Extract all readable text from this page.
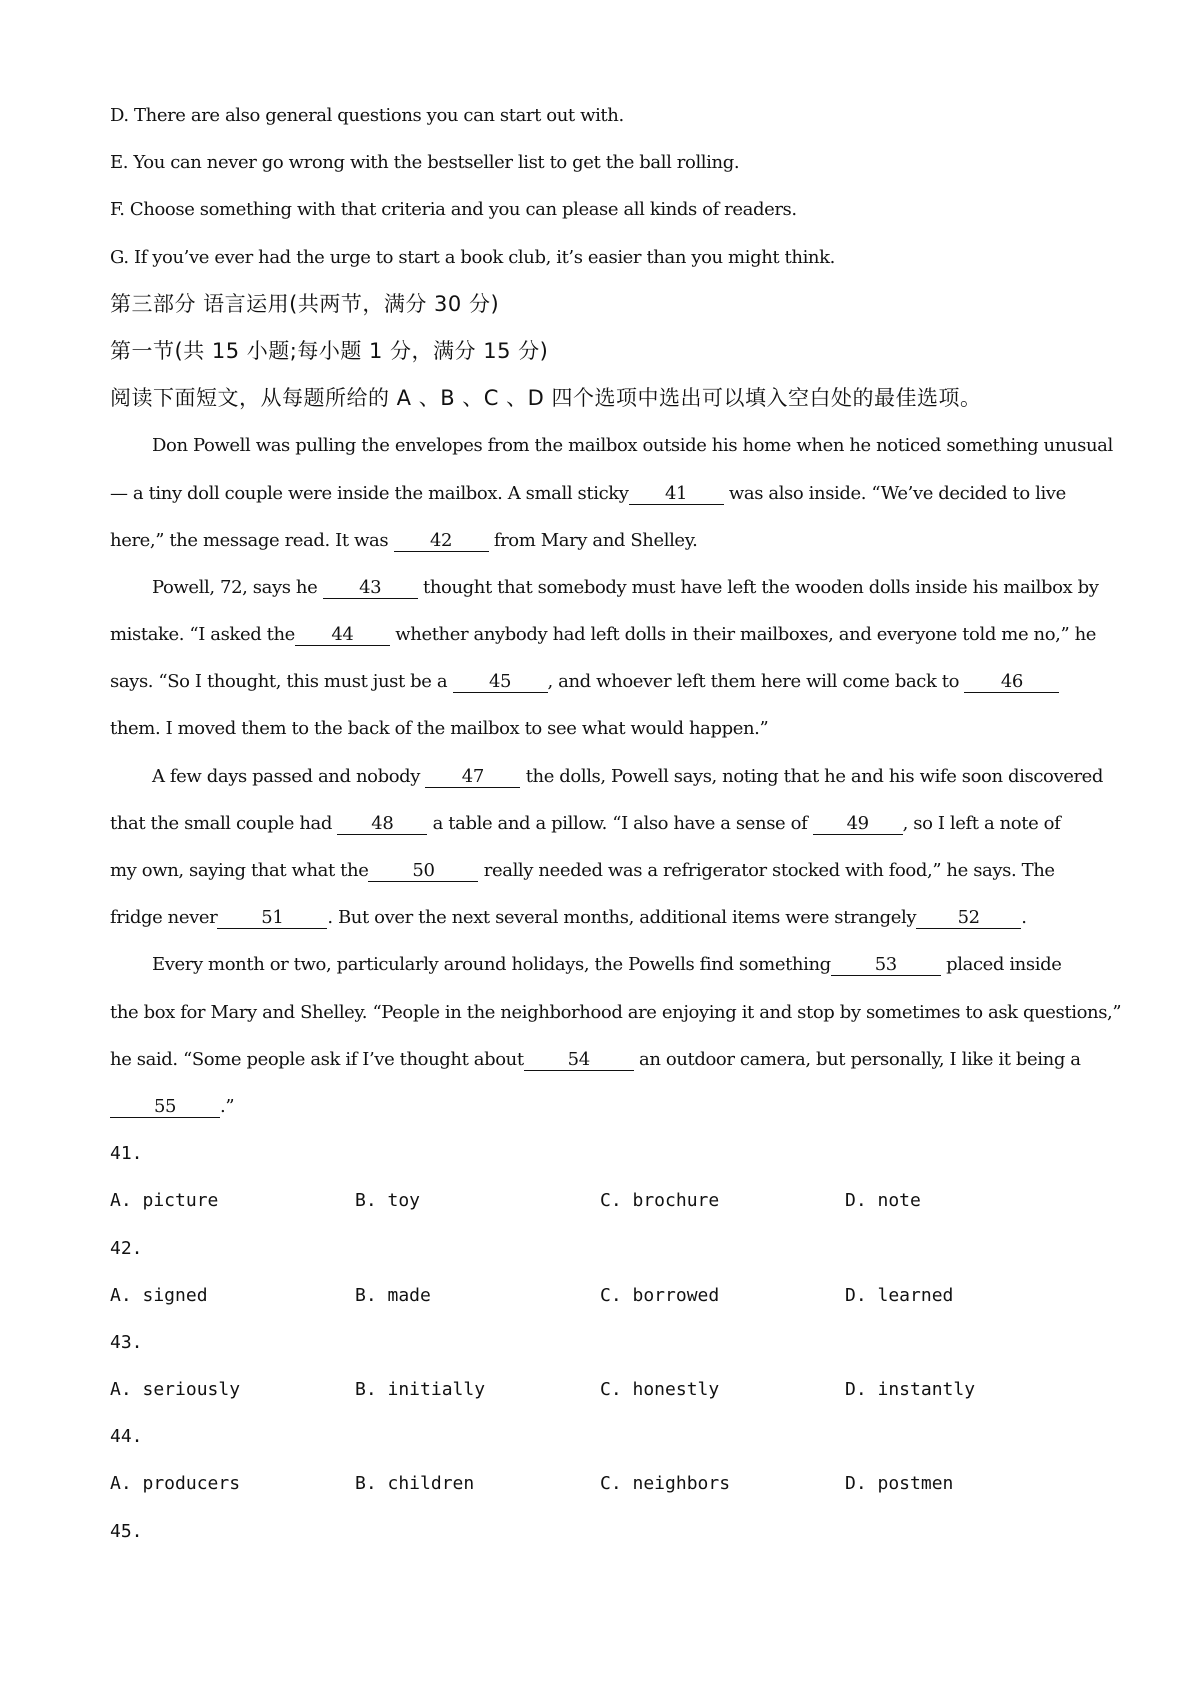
D. There are also general questions you can start out with.
E. You can never go wrong with the bestseller list to get the ball rolling.
F. Choose something with that criteria and you can please all kinds of readers.
G. If you’ve ever had the urge to start a book club, it’s easier than you might think.
第三部分 语言运用(共两节，满分 30 分)
第一节(共 15 小题;每小题 1 分，满分 15 分)
阅读下面短文，从每题所给的 A 、B 、C 、D 四个选项中选出可以填入空白处的最佳选项。
Don Powell was pulling the envelopes from the mailbox outside his home when he noticed something unusual
— a tiny doll couple were inside the mailbox. A small sticky 41 was also inside. “We’ve decided to live
here,” the message read. It was 42 from Mary and Shelley.
Powell, 72, says he 43 thought that somebody must have left the wooden dolls inside his mailbox by
mistake. “I asked the 44 whether anybody had left dolls in their mailboxes, and everyone told me no,” he
says. “So I thought, this must just be a 45 , and whoever left them here will come back to 46
them. I moved them to the back of the mailbox to see what would happen.”
A few days passed and nobody 47 the dolls, Powell says, noting that he and his wife soon discovered
that the small couple had 48 a table and a pillow. “I also have a sense of 49 , so I left a note of
my own, saying that what the 50	really needed was a refrigerator stocked with food,” he says. The
fridge never 51 . But over the next several months, additional items were strangely 52 .
Every month or two, particularly around holidays, the Powells find something 53	placed inside
the box for Mary and Shelley. “People in the neighborhood are enjoying it and stop by sometimes to ask questions,”
he said. “Some people ask if I’ve thought about 54	an outdoor camera, but personally, I like it being a
55 .”
41.
A. picture	B. toy	C. brochure	D. note
42.
A. signed	B. made	C. borrowed	D. learned
43.
A. seriously	B. initially	C. honestly	D. instantly
44.
A. producers	B. children	C. neighbors	D. postmen
45.
